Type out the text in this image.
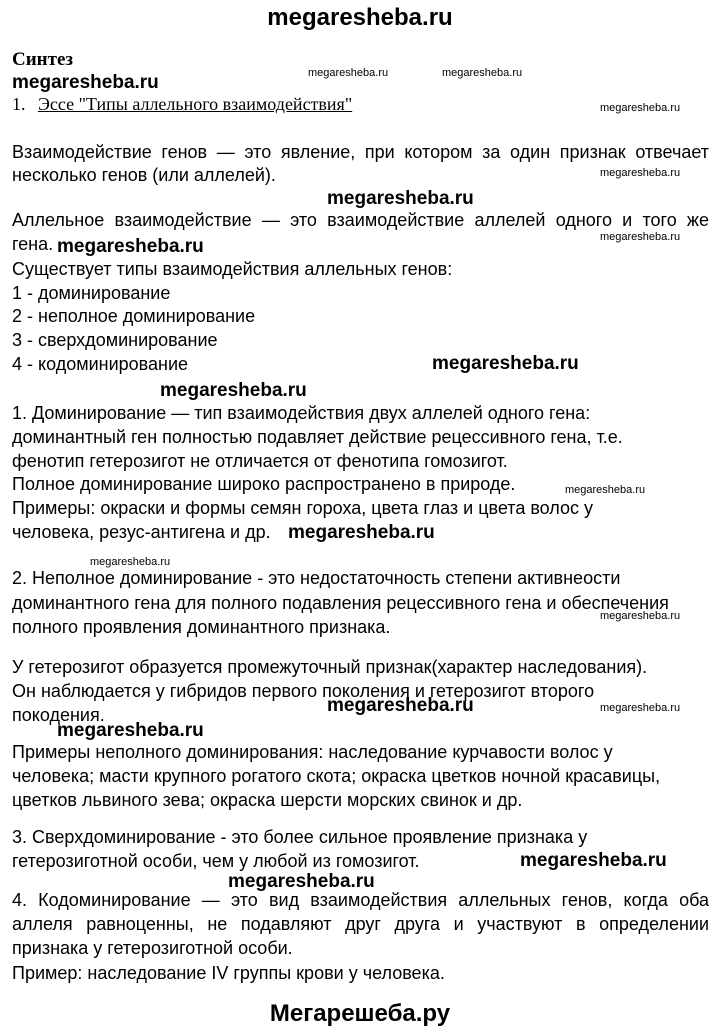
megaresheba.ru
Синтез
megaresheba.ru
megaresheba.ru
megaresheba.ru
megaresheba.ru
megaresheba.ru
megaresheba.ru
megaresheba.ru
megaresheba.ru
megaresheba.ru
megaresheba.ru
megaresheba.ru	megaresheba.ru
megaresheba.ru
megaresheba.ru
megaresheba.ru
megaresheba.ru
megaresheba.ru
megaresheba.ru
megaresheba.ru
1. Эссе "Типы аллельного взаимодействия"
Взаимодействие генов — это явление, при котором за один признак отвечает
несколько генов (или аллелей).
Аллельное взаимодействие — это взаимодействие аллелей одного и того же
гена.
Существует типы взаимодействия аллельных генов:
1 - доминирование
2 - неполное доминирование
3 - сверхдоминирование
4 - кодоминирование
1. Доминирование — тип взаимодействия двух аллелей одного гена:
доминантный ген полностью подавляет действие рецессивного гена, т.е.
фенотип гетерозигот не отличается от фенотипа гомозигот.
Полное доминирование широко распространено в природе.
Примеры: окраски и формы семян гороха, цвета глаз и цвета волос у
человека, резус-антигена и др.
2. Неполное доминирование - это недостаточность степени активнеости
доминантного гена для полного подавления рецессивного гена и обеспечения
полного проявления доминантного признака.
У гетерозигот образуется промежуточный признак(характер наследования).
Он наблюдается у гибридов первого поколения и гетерозигот второго
покодения.
Примеры неполного доминирования: наследование курчавости волос у
человека; масти крупного рогатого скота; окраска цветков ночной красавицы,
цветков львиного зева; окраска шерсти морских свинок и др.
3. Сверхдоминирование - это более сильное проявление признака у
гетерозиготной особи, чем у любой из гомозигот.
4. Кодоминирование — это вид взаимодействия аллельных генов, когда оба
аллеля равноценны, не подавляют друг друга и участвуют в определении
признака у гетерозиготной особи.
Пример: наследование IV группы крови у человека.
Мегарешеба.ру
